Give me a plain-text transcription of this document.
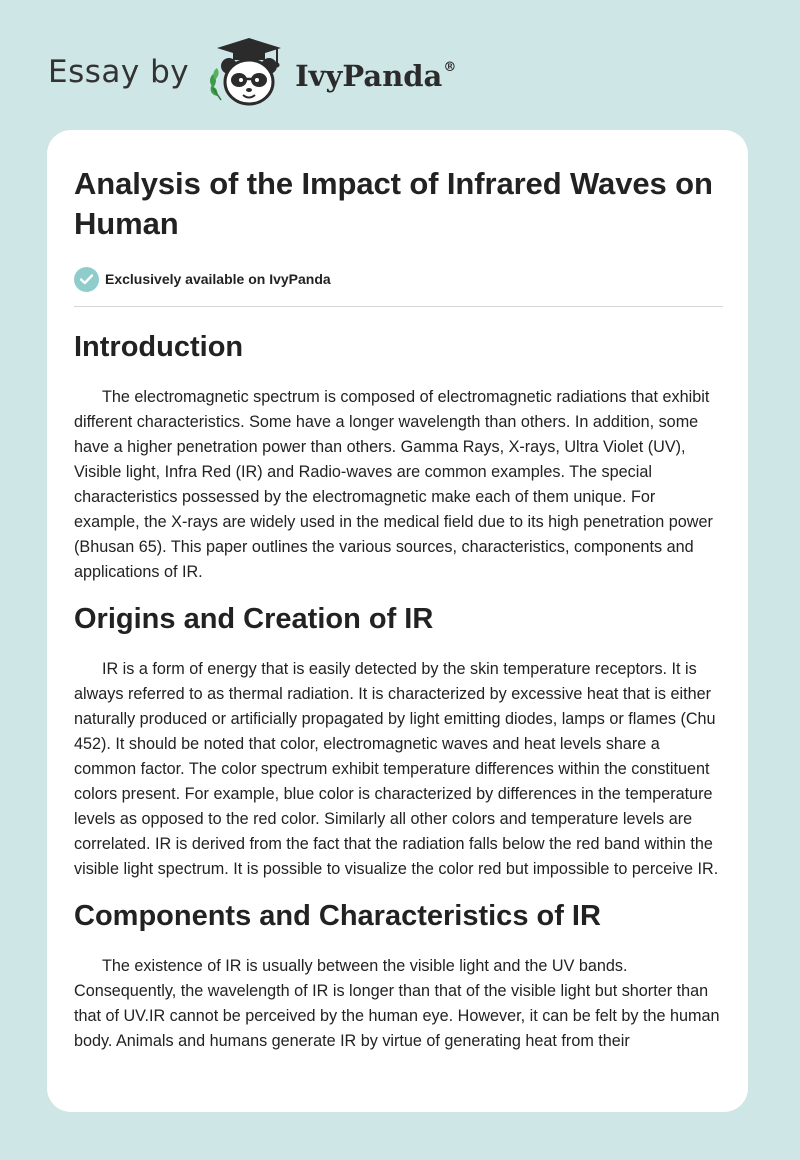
Essay by	IvyPanda®
Analysis of the Impact of Infrared Waves on Human
Exclusively available on IvyPanda
Introduction

The electromagnetic spectrum is composed of electromagnetic radiations that exhibit different characteristics. Some have a longer wavelength than others. In addition, some have a higher penetration power than others. Gamma Rays, X-rays, Ultra Violet (UV), Visible light, Infra Red (IR) and Radio-waves are common examples. The special characteristics possessed by the electromagnetic make each of them unique. For example, the X-rays are widely used in the medical field due to its high penetration power (Bhusan 65). This paper outlines the various sources, characteristics, components and applications of IR.

Origins and Creation of IR

IR is a form of energy that is easily detected by the skin temperature receptors. It is always referred to as thermal radiation. It is characterized by excessive heat that is either naturally produced or artificially propagated by light emitting diodes, lamps or flames (Chu 452). It should be noted that color, electromagnetic waves and heat levels share a common factor. The color spectrum exhibit temperature differences within the constituent colors present. For example, blue color is characterized by differences in the temperature levels as opposed to the red color. Similarly all other colors and temperature levels are correlated. IR is derived from the fact that the radiation falls below the red band within the visible light spectrum. It is possible to visualize the color red but impossible to perceive IR.

Components and Characteristics of IR

The existence of IR is usually between the visible light and the UV bands. Consequently, the wavelength of IR is longer than that of the visible light but shorter than that of UV.IR cannot be perceived by the human eye. However, it can be felt by the human body. Animals and humans generate IR by virtue of generating heat from their
